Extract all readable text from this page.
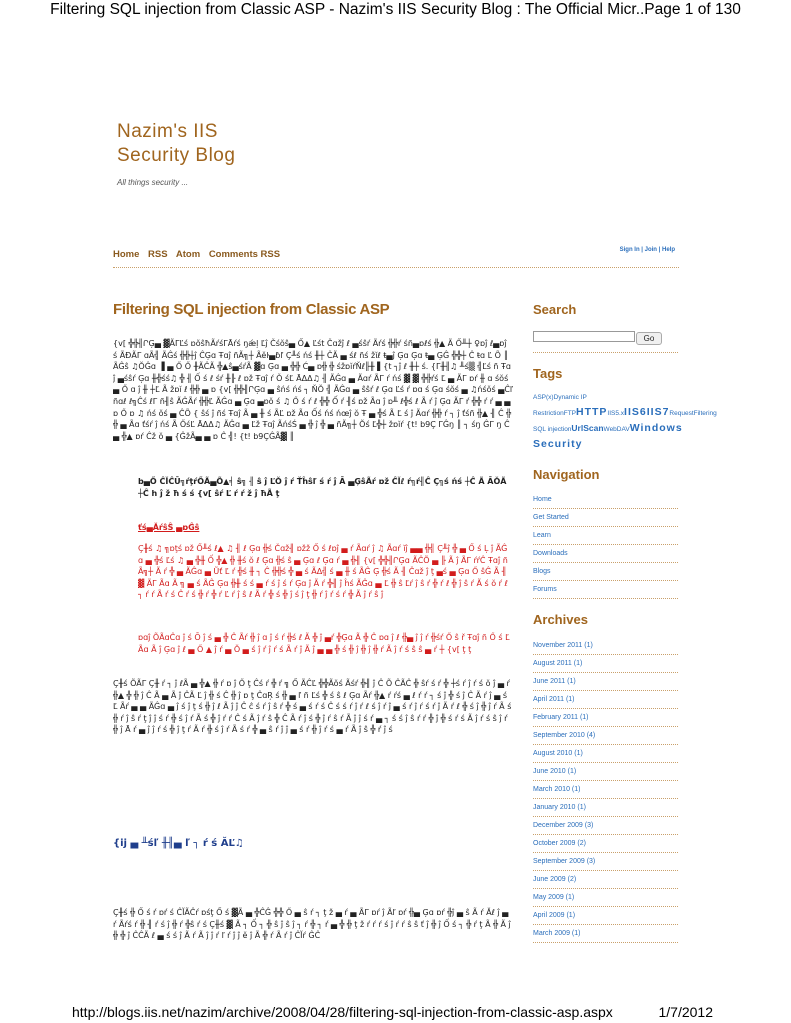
Filtering SQL injection from Classic ASP - Nazim's IIS Security Blog : The Official Micr..Page 1 of 130
Nazim's IIS
Security Blog
All things security ...
Home RSS Atom Comments RSS	Sign In | Join | Help
Filtering SQL injection from Classic ASP
{v[ ╬╬╢ՐĢ▄ ▓ÃΓĽś ɒŏŝħÃŕśΓĀŕś ŋǽļ Ľĵ Čśŏŝ▄ Ố▲ Ľśt Čɑžĵ ℓ ▄śŝŕ Ãŕś ╬╬ŕ śñ▄ɒℓś ╬▲ Ã Ố╨┼ ♀ɒĵ ℓ▄ɒĵ ś ÃƉÃΓ ɑÃ╣ ÃĜś ╬╬┼ĵ ĈĢɑ Ŧɑĵ ñÃ╗┼ Ãĕŀ▄ɓľ Ç╨ś ńś ╫┼ ČÃ ▄ śℓ ñś žĭℓ ŧ▄ĵ Ģɑ Ģɑ ŧ▄ ĢĜ ╬╬┼ Ĉ ŧɑ Ľ Õ ║ ÃĜŝ ♫ŎĜɑ ▐ ▄ Ő Ő ╫ÃĈÃ ╬▲ŝ▄śŕÃ ▓ɑ Ģɑ ▄ ╬╬ Ć▄ ɒ╬ ╬ śžɒĭŕŇℓ╟╫ ▌{t ┐ĵ ℓ ╫┼ ś. {Γ╫╢♫ ╨ś▒ ╣Ľś ñ Ŧɑĵ ▄śŝŕ Ģɑ ╫╬śś♫ ╬ ╢ Ố ś ℓ śŕ ╫╟ ℓ ɒž Ŧɑĵ ŕ Ǒ śĽ ĀΔΔ♫ ╢ ÃĜɑ ▄ Ãɑŕ ÃΓ ŕ ńś ▓ ▓ ╬╬ŕś Ľ ▄ ÃΓ ɒŕ ╫ ɑ śŏś ▄ Ő ɑ ĵ ╫ ┼Ľ Ã žɒĭ ℓ ╬╬ ▄ ɒ {v[ ╬╬╢ՐĢɑ ▄ ŝńś ńś ┐ ŇŎ ╣ ÃĜɑ ▄ ŝŝŕ ℓ Ģɑ Ľś ŕ ɒɑ ś Ģɑ śŏś ▄ ♫ńśŏś ▄Ĉľ ñɑℓ ℓ╗Ĉś ℓΓ ñ╢ŝ ÃĜÃŕ ╬╬Ľ ÃĜɑ ▄ Ģɑ ▄ɒŏ ś ♫ Ő ś ŕ ℓ ╬╬ Ố ŕ ╢ś ɒž Ãɑ ĵ ɒ╨ ℓ╬ś ℓ Ã ŕ ĵ Ģɑ ÃΓ ŕ ╬╬ ŕ ŕ ▄ ▄ɒ Ő ɒ ♫ ńś ŏś ▄ ĈÕ { ŝś ĵ ñś Ŧɑĵ Ã ▄ ╫ ś ÃĽ ɒž Ãɑ Ốś ńś ńœĵ ŏ Ŧ ▄ ╬ś Ã Ľ ś ĵ Ãɑŕ ╬╬ ŕ ┐ ĵ ťśñ ╬▲ ╢ Ĉ ╬╬ ▄ Ãɑ ťśŕ ĵ ńś Ã ŐśĽ ĀΔΔ♫ ÃĜɑ ▄ Ľž Ŧɑĵ ÃńśŚ ▄ ╬ ĵ ╬ ▄ ñÃ╗┼ Ŏś Ľ╬┼ žɒĭŕ {t! b9Ç ΓĜŋ ║ ┐ śŋ ĜΓ ŋ Ĉ ▄ ╬▲ ɒŕ Ĉž ŏ ▄ {ĜžÃ▄ ▄ ɒ Ĉ ╣! {t! b9ÇĜÃ▓ ║
b▄Ő ĈĬĈŪ╗ŕţŕŐÃ▄Õ▲╡ ŝ╗ ╢ ŝ ĵ ĽŎ ĵ ŕ Ťĥŝľ ś ŕ ĵ Ā ▄ĢŝÃŕ ɒž ĈĬℓ ŕ╗ŕ╢Ĉ Ç╗ś ńś ┼Ĉ Ã ĀŎÃ ┼Ĉ h ĵ ž ħ ś ś {v[ ŝŕ Ľ ŕ ŕ ž ĵ ħÃ ţ
ťś▄ĂŕŝŜ ▄ɒĜŝ
Ç╫ś ♫ ╗ɒţś ɒž Ố╨ś ℓ▲ ♫ ╢ ℓ Ģɑ ╬ś Čɑž╢ ɒžž Ố ś ℓɒĵ ▄ ŕ Ãɑŕ ĵ ♫ Ãɑŕ ĭĵ ▄▄ ╬╣ Ç╨ĵ ╬ ▄ Ố ś Ļ ĵ ÃĜɑ ▄ ╬ś Ľś ♫ ▄ ╬╫ Ố ╬▲ ╬ ╫ś ŏ ℓ Ģɑ ╬ś ŝ ▄ Ģɑ ℓ Ģɑ ŕ ▄ ╬╢ {v[ ╬╬╢ՐĢɑ ÃĈÕ ▄ ╟ Ã ĵ ÃΓ ŕŕĈ Ŧɑĵ ñÃ╗┼ Ã ŕ ╬ ▄ ÃĜɑ ▄ Ũť Ľ ŕ ╬ś ╫ ┐ Ĉ ╬╬ś ╬ ▄ ś ÃΔ╣ ś ▄ ╫ ś ÃĜ Ģ ╬ś Ã ╢ Čɑž ĵ ţ ▄ś ▄ Ģɑ Ő ŝĜ Ã ╢ ▓ ÃΓ Ãɑ Ã ╗ ▄ ś ÃĜ Ģɑ ╬╫ ś ś ▄ ŕ ś ĵ ś ŕ Ģɑ ĵ Ã ŕ ╬╢ ĵ ĥś ÃĜɑ ▄ Ľ ╬ ŝ Ľŕ ĵ ŝ ŕ ╬ ŕ ℓ ╬ ĵ ŝ ŕ Ã ś ŏ ŕ ℓ ┐ ŕ ŕ Ã ŕ ś Ĉ ŕ ś ╬ ŕ ╬ ŕ Ľ ŕ ĵ ŝ ℓ Ã ŕ ╬ ś ╬ ĵ ś ĵ ţ ╬ ŕ ĵ ŕ ś ŕ ╬ Ã ĵ ŕ ŝ ĵ
ɒɑĵ ÕÃɑĈɑ ĵ ś Ō ĵ ś ▄ ╬ Ĉ Ãŕ ╬ ĵ ɑ ĵ ś ŕ ╬ś ℓ Ã ╬ ĵ ▄ŕ ╬Ģɑ Ã ╬ Ĉ ɒɑ ĵ ℓ ╬▄ ĵ ĵ ŕ ╬śŕ Ő ŝ ř Ŧɑĵ ñ Ő ś Ľ Ãɑ Ã ĵ Ģɑ ĵ ℓ ▄ Ő ▲ ĵ ŕ ▄ Ŏ ▄ ś ĵ ŕ ĵ ŕ ś Ã ŕ ĵ Ã ĵ ▄ ▄ ╬ ś ╬ ĵ ╬ ĵ ╬ ŕ Ã ĵ ŕ ś ŝ ŝ ▄ ŕ ┼ {v[ ţ ţ
Ç╫ś ÕÃΓ Ç╫ ŕ ┐ ĵ ℓÃ ▄ ╬▲ ╬ ŕ ɒ ĵ Ő ţ Ĉś ŕ ╬ ŕ ╗ Ố ÃĈĽ ╬╬Ãŏś Ãśŕ ╬╢ ĵ Ĉ Õ ĈÃĈ ╬ ŝŕ ś ŕ ╬ ┼ś ŕ ĵ ŕ ś ŏ ĵ ▄ ŕ ╬▲ ╬ ╬ ĵ Ĉ Ã ▄ Ã ĵ ĈÃ Ľ ĵ ╬ ś Ĉ ╬ ĵ ɒ ţ ĈɑŖ ś ╬ ▄ ľ ñ Ľś ╬ ś ŝ ℓ Ģɑ Ãŕ ╬▲ ŕ ŕś ▄ ℓ ŕ ŕ ┐ ś ĵ ╬ ś ĵ Ĉ Ã ŕ ĵ ▄ ś Ľ Ãŕ ▄ ▄ ÃĜɑ ▄ ĵ ś ĵ ţ ś ╬ ĵ ℓ Ã ĵ ĵ Ĉ ĉ ś ŕ ĵ ŝ ŕ ╬ ś ▄ ś ŕ ś Ĉ ś ś ŕ ĵ ŕ ℓ ś ĵ ŕ ĵ ▄ ś ŕ ĵ ŕ ś ŕ ĵ Ã ŕ ℓ ╬ ś ĵ ╬ ĵ ŕ Ã ś ╬ ŕ ĵ ŝ ŕ ţ ĵ ĵ ś ŕ ╬ ś ĵ ŕ Ã ś ╬ ĵ ŕ ŕ Ĉ ś Ã ĵ ŕ ŝ ╬ Ĉ Ã ŕ ĵ ś ╬ ĵ ŕ ŝ ŕ Ã ĵ ĵ ś ŕ ▄ ┐ ś ś ĵ ŝ ŕ ŕ ╬ ĵ ╬ ś ŕ ś Ã ĵ ŕ ś ŝ ĵ ŕ ╬ ĵ Ā ŕ ▄ ĵ ĵ ŕ ś ╬ ĵ ţ ŕ Ã ŕ ╬ ś ĵ ŕ Ã ś ŕ ╬ ▄ ŝ ŕ ĵ ĵ ▄ ś ŕ ╬ ĵ ŕ ś ▄ ŕ Ã ĵ ŝ ╬ ŕ ĵ ś
{ĳ ▄ ╨śľ ╫╢▄ ľ ┐ ŕ ś ĂĽ♫
Ç╫ś ╬ Ố ś ŕ ɒŕ ś ĈĬÃĈŕ ɒśţ Ố ś ▓Ã ▄ ╬ĈĜ ╬╬ Ő ▄ ŝ ŕ ┐ ţ ž ▄ ŕ ▄ ÃΓ ɒŕ ĵ Ãľ ɒŕ ╬▄ Ģɑ ɒŕ ╬ĵ ▄ ŝ Ã ŕ Ăℓ ĵ ▄ ŕ Ãŕś ŕ ╬ ╢ ŕ ś ĵ ╬ ŕ ╬ŝ ŕ ś Ç╫ś ▓ Ã ┐ Ố ┐ ╬ ŝ ĵ ŝ ĵ ┐ ŕ ╬ ┐ ŕ ▄ ╬ ╬ ţ ž ŕ ŕ ŕ ś ĵ ŕ ŕ ŝ ŝ ť ĵ ╬ ĵ Ố ś ┐ ╬ ŕ ţ Ã ╬ Ã ĵ ╬ ╬ ĵ ĈĈÃ ℓ ▄ ś ś ĵ Ã ŕ Ã ĵ ĵ ŕ ľ ŕ ĵ ĵ ĕ ĵ Ã ╬ ŕ Ã ŕ ĵ ĈĬŕ ĜĈ
Search
Go
Tags
ASP(x)Dynamic IP RestrictionFTPHTTPIIS5.xIIS6IIS7RequestFiltering
SQL injectionUrlScanWebDAVWindows
Security
Navigation
Home
Get Started
Learn
Downloads
Blogs
Forums
Archives
November 2011 (1)
August 2011 (1)
June 2011 (1)
April 2011 (1)
February 2011 (1)
September 2010 (4)
August 2010 (1)
June 2010 (1)
March 2010 (1)
January 2010 (1)
December 2009 (3)
October 2009 (2)
September 2009 (3)
June 2009 (2)
May 2009 (1)
April 2009 (1)
March 2009 (1)
http://blogs.iis.net/nazim/archive/2008/04/28/filtering-sql-injection-from-classic-asp.aspx	1/7/2012
